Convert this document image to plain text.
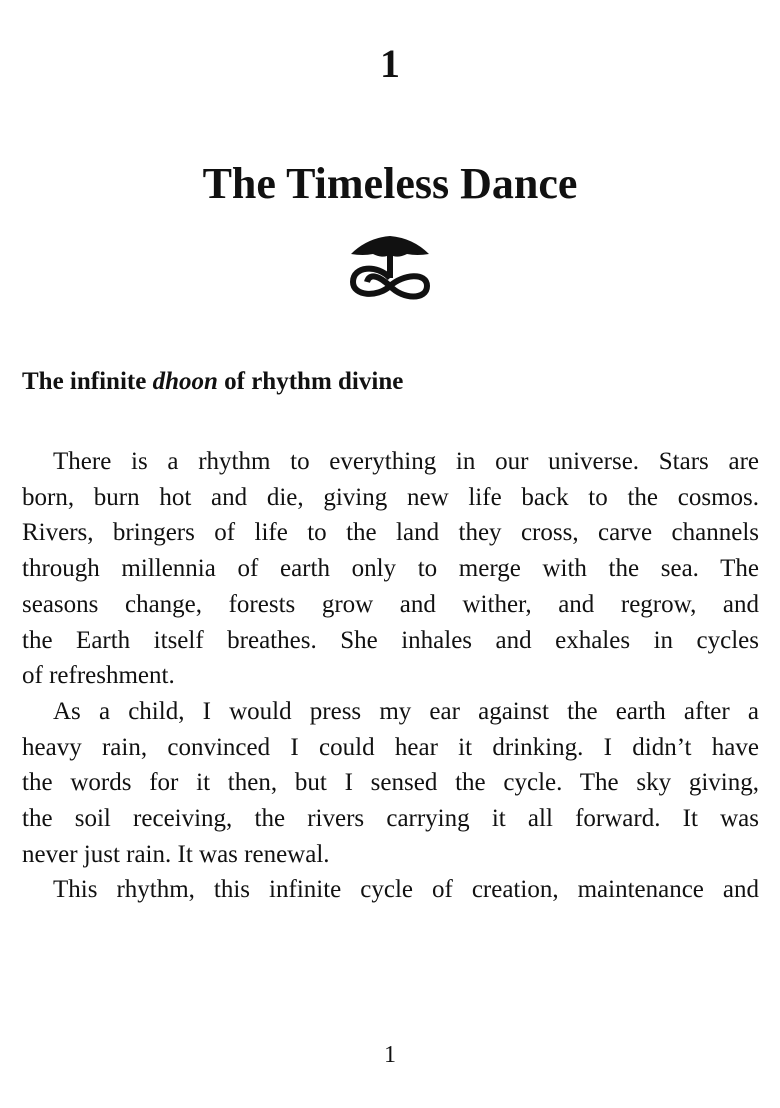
1
The Timeless Dance
The infinite dhoon of rhythm divine
There is a rhythm to everything in our universe. Stars are
born, burn hot and die, giving new life back to the cosmos.
Rivers, bringers of life to the land they cross, carve channels
through millennia of earth only to merge with the sea. The
seasons change, forests grow and wither, and regrow, and
the Earth itself breathes. She inhales and exhales in cycles
of refreshment.
As a child, I would press my ear against the earth after a
heavy rain, convinced I could hear it drinking. I didn’t have
the words for it then, but I sensed the cycle. The sky giving,
the soil receiving, the rivers carrying it all forward. It was
never just rain. It was renewal.
This rhythm, this infinite cycle of creation, maintenance and
1
